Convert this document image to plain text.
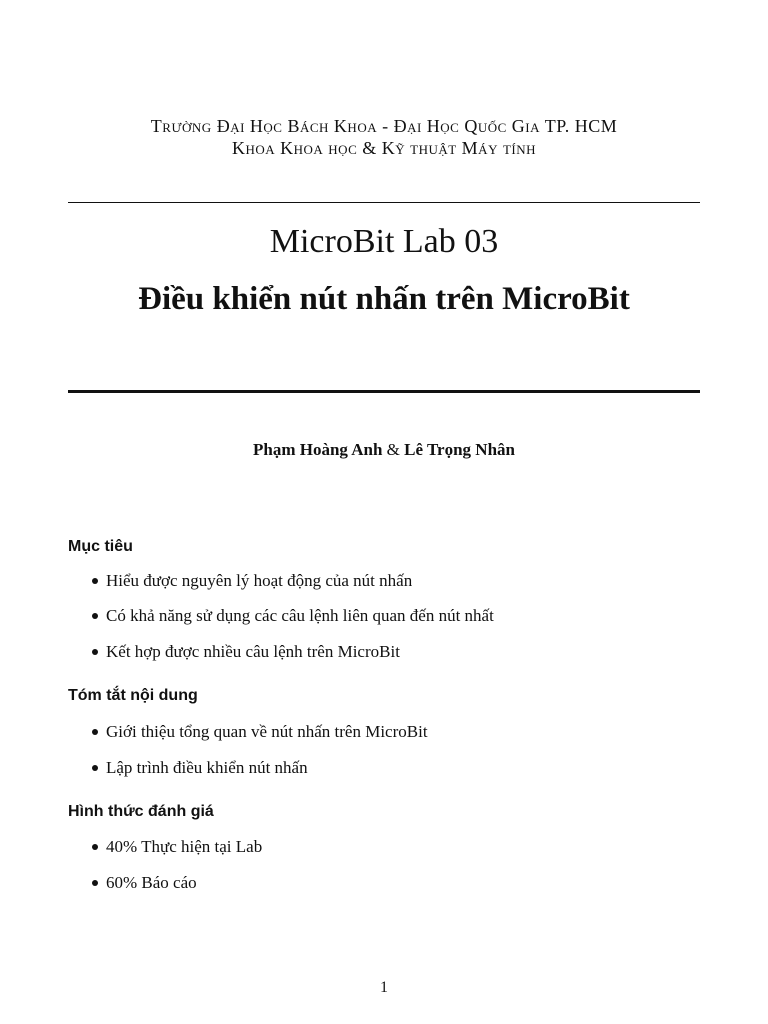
Trường Đại Học Bách Khoa - Đại Học Quốc Gia TP. HCM
Khoa Khoa học & Kỹ thuật Máy tính
MicroBit Lab 03
Điều khiển nút nhấn trên MicroBit
Phạm Hoàng Anh & Lê Trọng Nhân
Mục tiêu
Hiểu được nguyên lý hoạt động của nút nhấn
Có khả năng sử dụng các câu lệnh liên quan đến nút nhất
Kết hợp được nhiều câu lệnh trên MicroBit
Tóm tắt nội dung
Giới thiệu tổng quan về nút nhấn trên MicroBit
Lập trình điều khiển nút nhấn
Hình thức đánh giá
40% Thực hiện tại Lab
60% Báo cáo
1
